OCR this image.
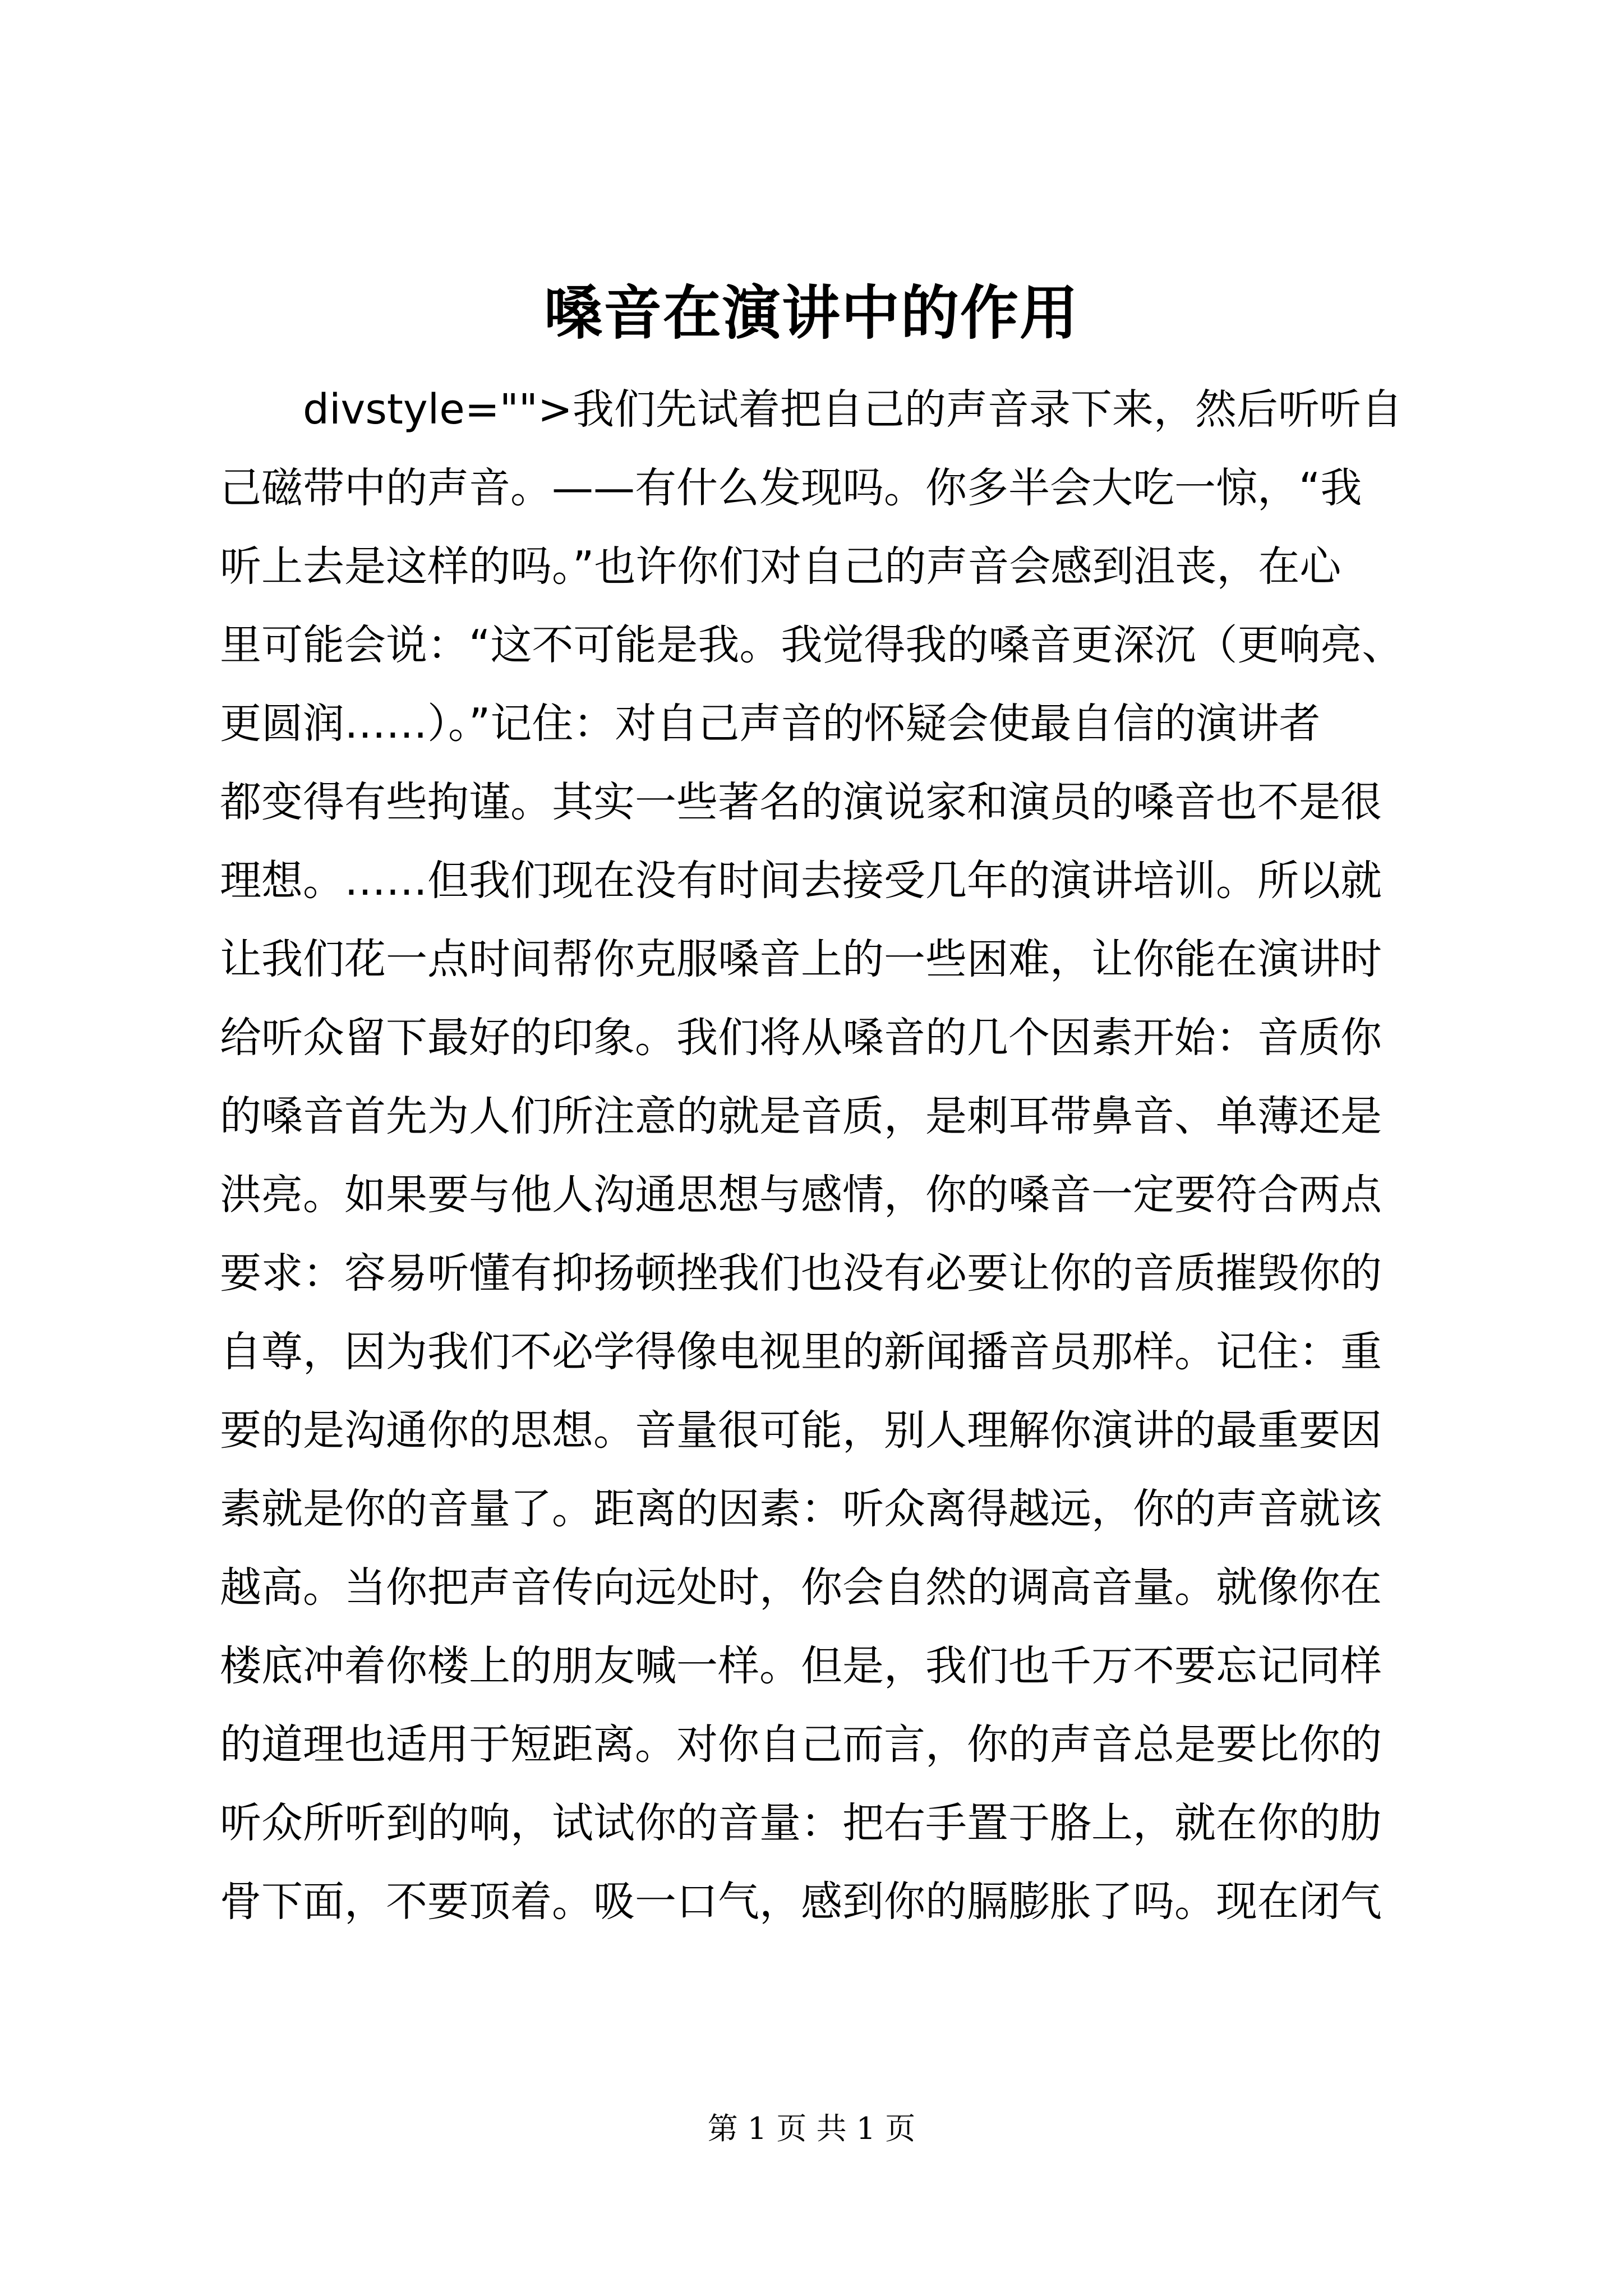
嗓音在演讲中的作用
divstyle="">我们先试着把自己的声音录下来，然后听听自
己磁带中的声音。——有什么发现吗。你多半会大吃一惊，“我
听上去是这样的吗。”也许你们对自己的声音会感到沮丧，在心
里可能会说：“这不可能是我。我觉得我的嗓音更深沉（更响亮、
更圆润……）。”记住：对自己声音的怀疑会使最自信的演讲者
都变得有些拘谨。其实一些著名的演说家和演员的嗓音也不是很
理想。……但我们现在没有时间去接受几年的演讲培训。所以就
让我们花一点时间帮你克服嗓音上的一些困难，让你能在演讲时
给听众留下最好的印象。我们将从嗓音的几个因素开始：音质你
的嗓音首先为人们所注意的就是音质，是刺耳带鼻音、单薄还是
洪亮。如果要与他人沟通思想与感情，你的嗓音一定要符合两点
要求：容易听懂有抑扬顿挫我们也没有必要让你的音质摧毁你的
自尊，因为我们不必学得像电视里的新闻播音员那样。记住：重
要的是沟通你的思想。音量很可能，别人理解你演讲的最重要因
素就是你的音量了。距离的因素：听众离得越远，你的声音就该
越高。当你把声音传向远处时，你会自然的调高音量。就像你在
楼底冲着你楼上的朋友喊一样。但是，我们也千万不要忘记同样
的道理也适用于短距离。对你自己而言，你的声音总是要比你的
听众所听到的响，试试你的音量：把右手置于胳上，就在你的肋
骨下面，不要顶着。吸一口气，感到你的膈膨胀了吗。现在闭气
第 1 页 共 1 页
